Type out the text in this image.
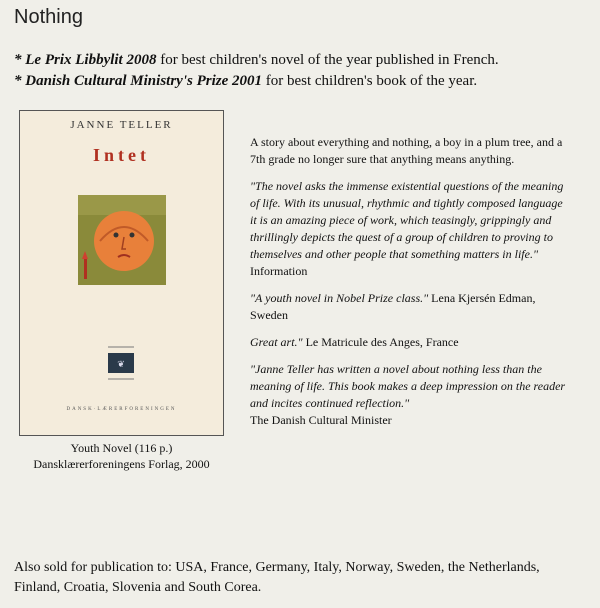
Nothing
* Le Prix Libbylit 2008 for best children's novel of the year published in French.
* Danish Cultural Ministry's Prize 2001 for best children's book of the year.
JANNE TELLER
Intet
❦
DANSK·LÆRERFORENINGEN
Youth Novel (116 p.)
Dansklærerforeningens Forlag, 2000

A story about everything and nothing, a boy in a plum tree, and a 7th grade no longer sure that anything means anything.

"The novel asks the immense existential questions of the meaning of life. With its unusual, rhythmic and tightly composed language it is an amazing piece of work, which teasingly, grippingly and thrillingly depicts the quest of a group of children to proving to themselves and other people that something matters in life." Information

"A youth novel in Nobel Prize class." Lena Kjersén Edman, Sweden

Great art." Le Matricule des Anges, France

"Janne Teller has written a novel about nothing less than the meaning of life. This book makes a deep impression on the reader and incites continued reflection."
The Danish Cultural Minister

Also sold for publication to: USA, France, Germany, Italy, Norway, Sweden, the Netherlands, Finland, Croatia, Slovenia and South Corea.
